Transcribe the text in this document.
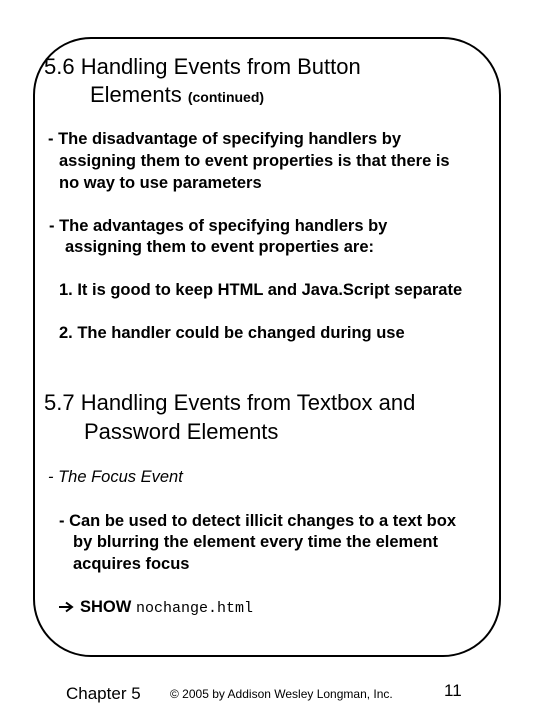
5.6 Handling Events from Button
Elements (continued)
- The disadvantage of specifying handlers by
assigning them to event properties is that there is
no way to use parameters
- The advantages of specifying handlers by
assigning them to event properties are:
1. It is good to keep HTML and Java.Script separate
2. The handler could be changed during use
5.7 Handling Events from Textbox and
Password Elements
- The Focus Event
- Can be used to detect illicit changes to a text box
by blurring the element every time the element
acquires focus
SHOW nochange.html
Chapter 5 © 2005 by Addison Wesley Longman, Inc.	11
